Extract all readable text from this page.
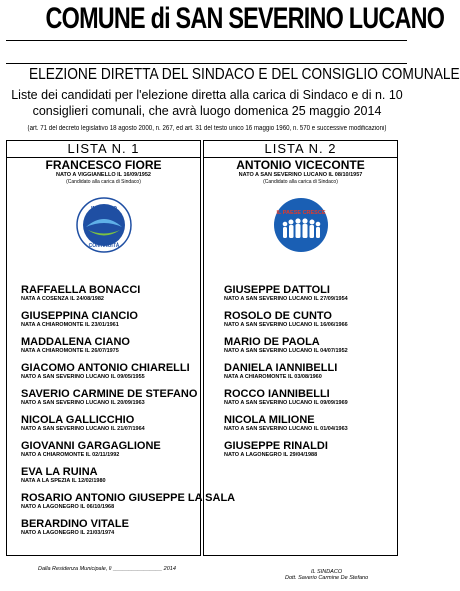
COMUNE di SAN SEVERINO LUCANO
ELEZIONE DIRETTA DEL SINDACO E DEL CONSIGLIO COMUNALE
Liste dei candidati per l'elezione diretta alla carica di Sindaco e di n. 10
consiglieri comunali, che avrà luogo domenica 25 maggio 2014
(art. 71 del decreto legislativo 18 agosto 2000, n. 267, ed art. 31 del testo unico 16 maggio 1960, n. 570 e successive modificazioni)
LISTA N. 1
FRANCESCO FIORE
NATO A VIGGIANELLO IL 16/09/1952
(Candidato alla carica di Sindaco)
IMPEGNO
CONTINUITÀ
RAFFAELLA BONACCI
NATA A COSENZA IL 24/08/1982
GIUSEPPINA CIANCIO
NATA A CHIAROMONTE IL 23/01/1961
MADDALENA CIANO
NATA A CHIAROMONTE IL 26/07/1975
GIACOMO ANTONIO CHIARELLI
NATO A SAN SEVERINO LUCANO IL 09/05/1955
SAVERIO CARMINE DE STEFANO
NATO A SAN SEVERINO LUCANO IL 20/09/1963
NICOLA GALLICCHIO
NATO A SAN SEVERINO LUCANO IL 21/07/1964
GIOVANNI GARGAGLIONE
NATO A CHIAROMONTE IL 02/11/1992
EVA LA RUINA
NATA A LA SPEZIA IL 12/02/1980
ROSARIO ANTONIO GIUSEPPE LA SALA
NATO A LAGONEGRO IL 06/10/1968
BERARDINO VITALE
NATO A LAGONEGRO IL 21/03/1974
LISTA N. 2
ANTONIO VICECONTE
NATO A SAN SEVERINO LUCANO IL 08/10/1957
(Candidato alla carica di Sindaco)
IL PAESE CRESCE
GIUSEPPE DATTOLI
NATO A SAN SEVERINO LUCANO IL 27/09/1954
ROSOLO DE CUNTO
NATO A SAN SEVERINO LUCANO IL 16/06/1966
MARIO DE PAOLA
NATO A SAN SEVERINO LUCANO IL 04/07/1952
DANIELA IANNIBELLI
NATA A CHIAROMONTE IL 03/08/1960
ROCCO IANNIBELLI
NATO A SAN SEVERINO LUCANO IL 09/09/1969
NICOLA MILIONE
NATO A SAN SEVERINO LUCANO IL 01/04/1963
GIUSEPPE RINALDI
NATO A LAGONEGRO IL 29/04/1988
Dalla Residenza Municipale, lì ________________ 2014	IL SINDACO
Dott. Saverio Carmine De Stefano
